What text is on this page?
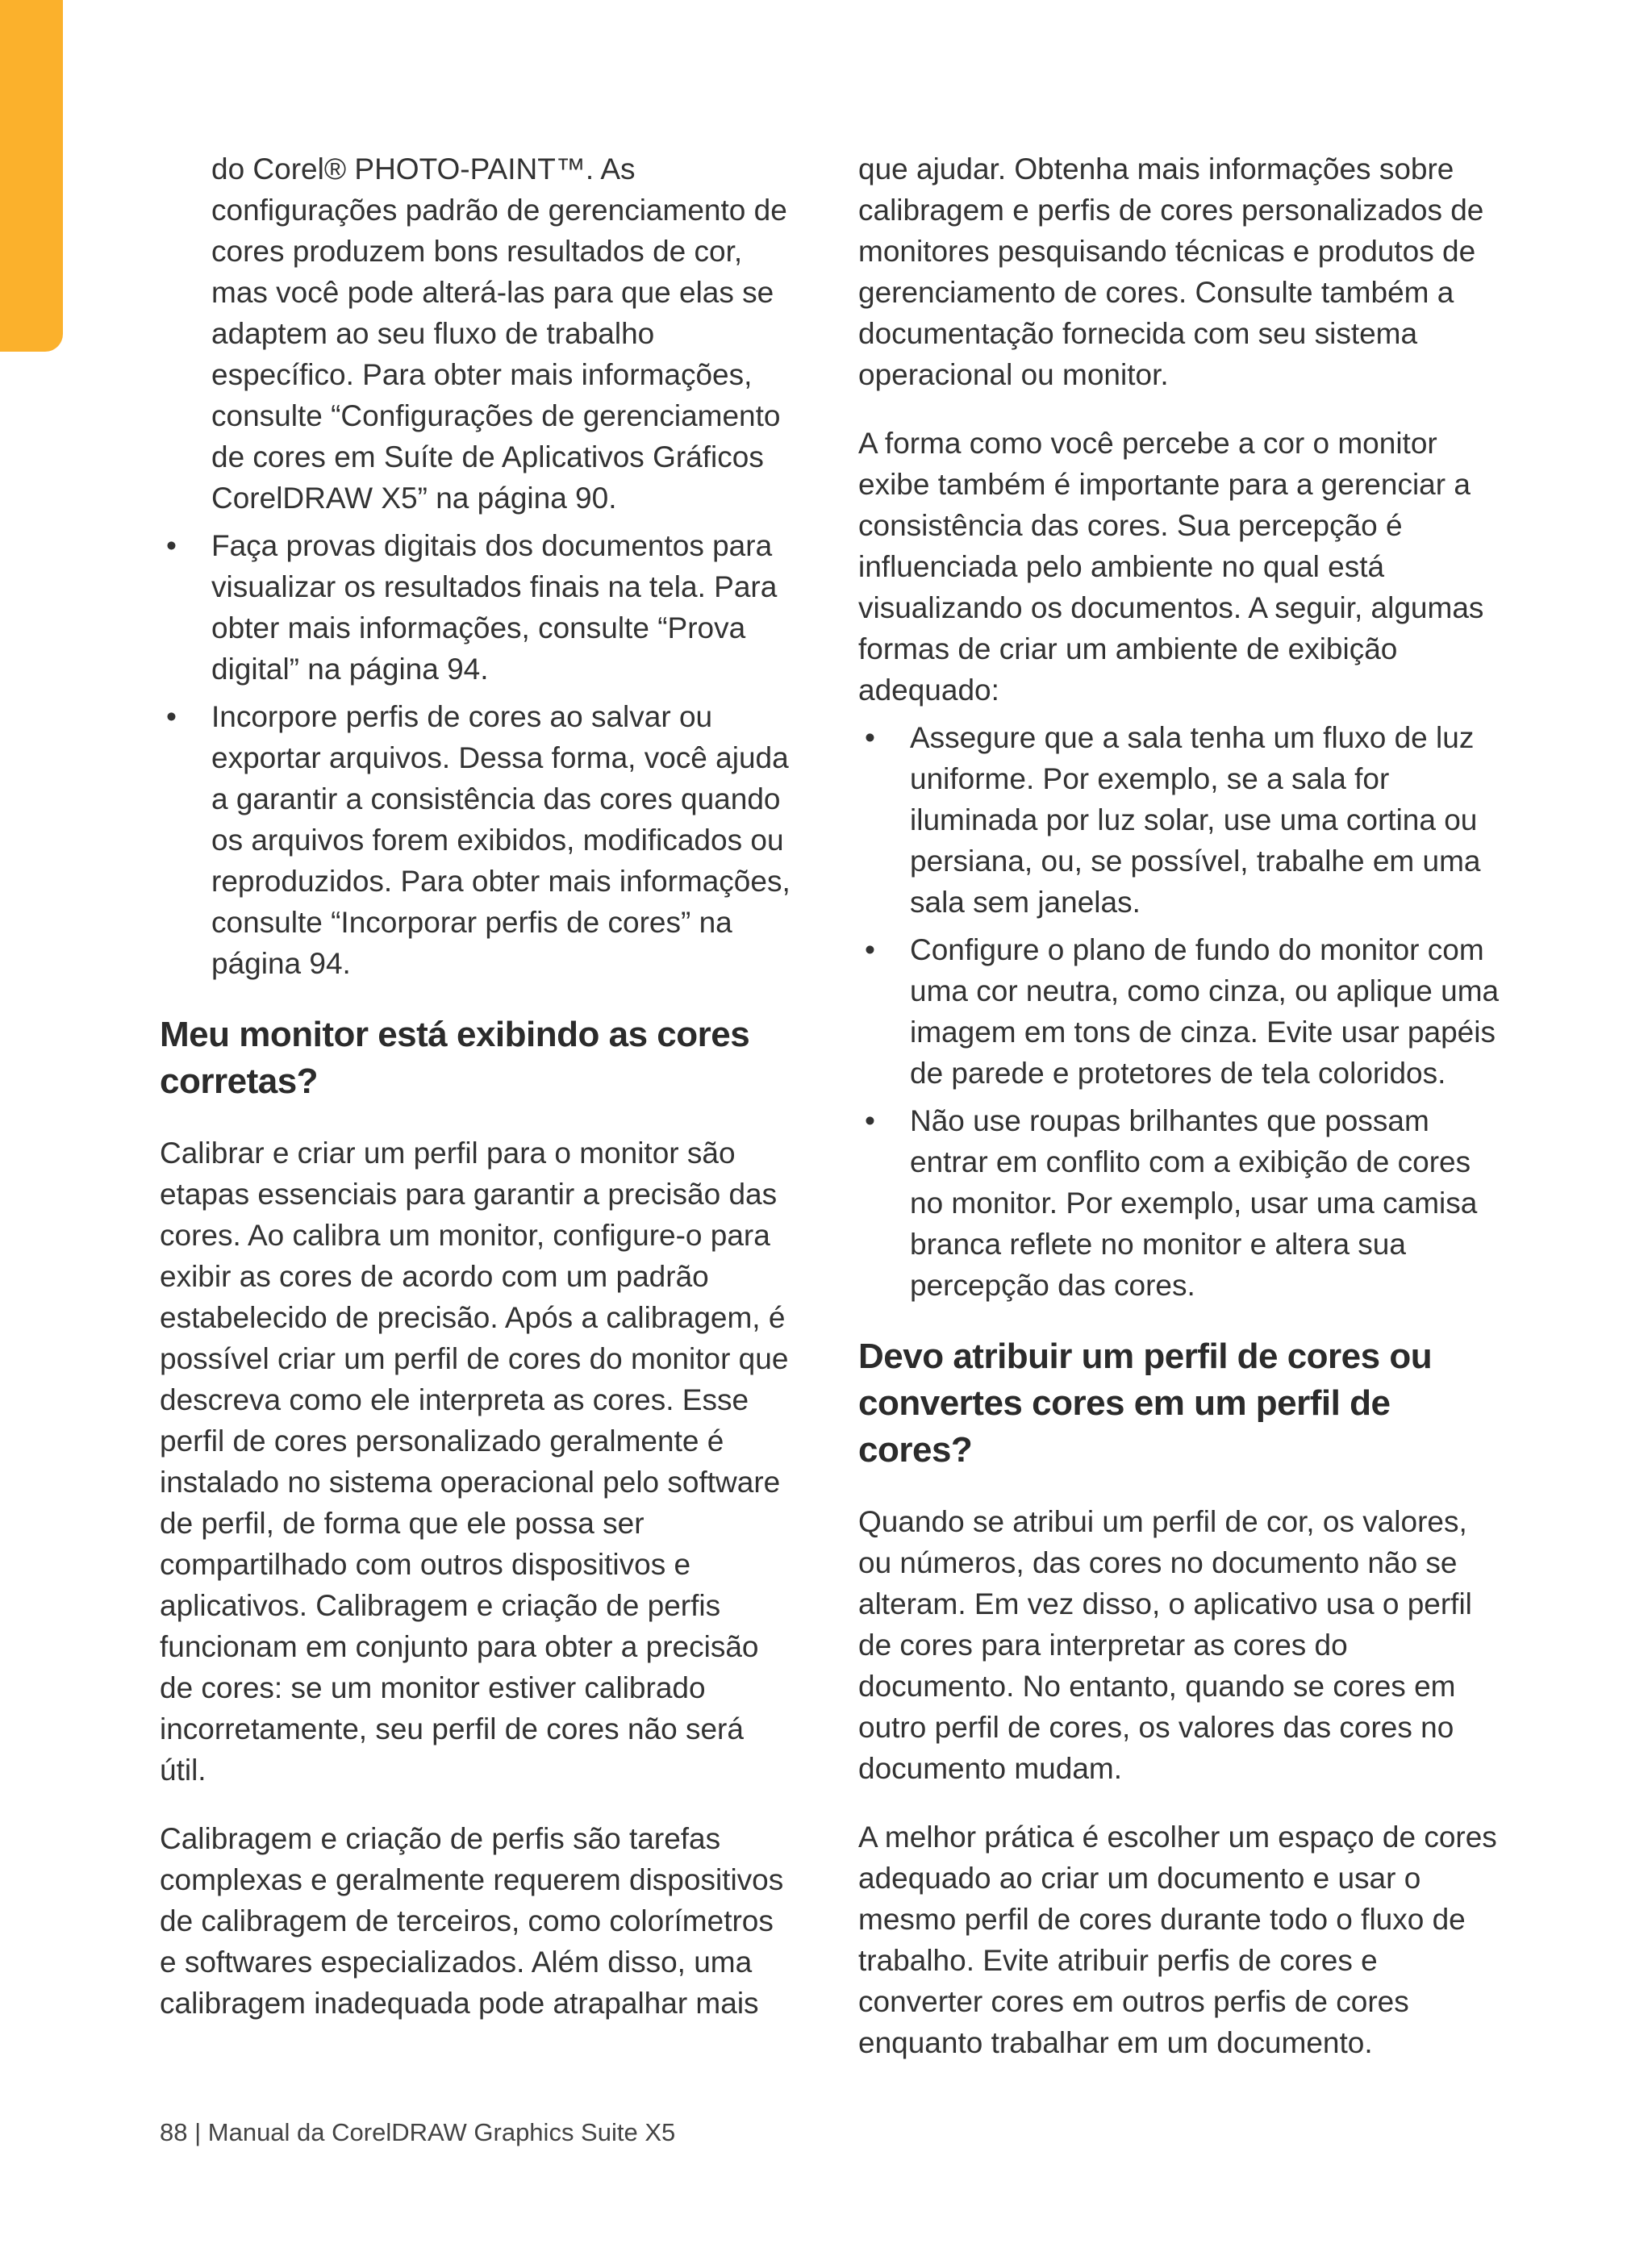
do Corel® PHOTO-PAINT™. As configurações padrão de gerenciamento de cores produzem bons resultados de cor, mas você pode alterá-las para que elas se adaptem ao seu fluxo de trabalho específico. Para obter mais informações, consulte “Configurações de gerenciamento de cores em Suíte de Aplicativos Gráficos CorelDRAW X5” na página 90.
• Faça provas digitais dos documentos para visualizar os resultados finais na tela. Para obter mais informações, consulte “Prova digital” na página 94.
• Incorpore perfis de cores ao salvar ou exportar arquivos. Dessa forma, você ajuda a garantir a consistência das cores quando os arquivos forem exibidos, modificados ou reproduzidos. Para obter mais informações, consulte “Incorporar perfis de cores” na página 94.
Meu monitor está exibindo as cores corretas?

Calibrar e criar um perfil para o monitor são etapas essenciais para garantir a precisão das cores. Ao calibra um monitor, configure-o para exibir as cores de acordo com um padrão estabelecido de precisão. Após a calibragem, é possível criar um perfil de cores do monitor que descreva como ele interpreta as cores. Esse perfil de cores personalizado geralmente é instalado no sistema operacional pelo software de perfil, de forma que ele possa ser compartilhado com outros dispositivos e aplicativos. Calibragem e criação de perfis funcionam em conjunto para obter a precisão de cores: se um monitor estiver calibrado incorretamente, seu perfil de cores não será útil.

Calibragem e criação de perfis são tarefas complexas e geralmente requerem dispositivos de calibragem de terceiros, como colorímetros e softwares especializados. Além disso, uma calibragem inadequada pode atrapalhar mais

que ajudar. Obtenha mais informações sobre calibragem e perfis de cores personalizados de monitores pesquisando técnicas e produtos de gerenciamento de cores. Consulte também a documentação fornecida com seu sistema operacional ou monitor.

A forma como você percebe a cor o monitor exibe também é importante para a gerenciar a consistência das cores. Sua percepção é influenciada pelo ambiente no qual está visualizando os documentos. A seguir, algumas formas de criar um ambiente de exibição adequado:

• Assegure que a sala tenha um fluxo de luz uniforme. Por exemplo, se a sala for iluminada por luz solar, use uma cortina ou persiana, ou, se possível, trabalhe em uma sala sem janelas.
• Configure o plano de fundo do monitor com uma cor neutra, como cinza, ou aplique uma imagem em tons de cinza. Evite usar papéis de parede e protetores de tela coloridos.
• Não use roupas brilhantes que possam entrar em conflito com a exibição de cores no monitor. Por exemplo, usar uma camisa branca reflete no monitor e altera sua percepção das cores.
Devo atribuir um perfil de cores ou convertes cores em um perfil de cores?

Quando se atribui um perfil de cor, os valores, ou números, das cores no documento não se alteram. Em vez disso, o aplicativo usa o perfil de cores para interpretar as cores do documento. No entanto, quando se cores em outro perfil de cores, os valores das cores no documento mudam.

A melhor prática é escolher um espaço de cores adequado ao criar um documento e usar o mesmo perfil de cores durante todo o fluxo de trabalho. Evite atribuir perfis de cores e converter cores em outros perfis de cores enquanto trabalhar em um documento.

88 | Manual da CorelDRAW Graphics Suite X5
